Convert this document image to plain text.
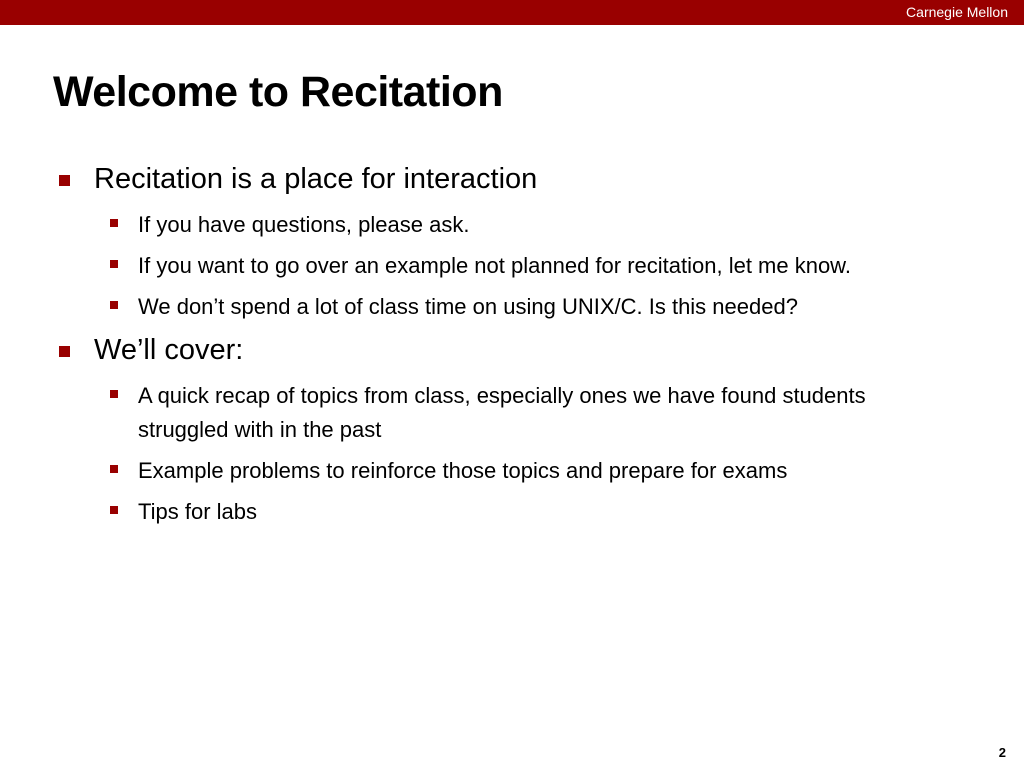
Carnegie Mellon
Welcome to Recitation
Recitation is a place for interaction
If you have questions, please ask.
If you want to go over an example not planned for recitation, let me know.
We don’t spend a lot of class time on using UNIX/C. Is this needed?
We’ll cover:
A quick recap of topics from class, especially ones we have found students struggled with in the past
Example problems to reinforce those topics and prepare for exams
Tips for labs
2
